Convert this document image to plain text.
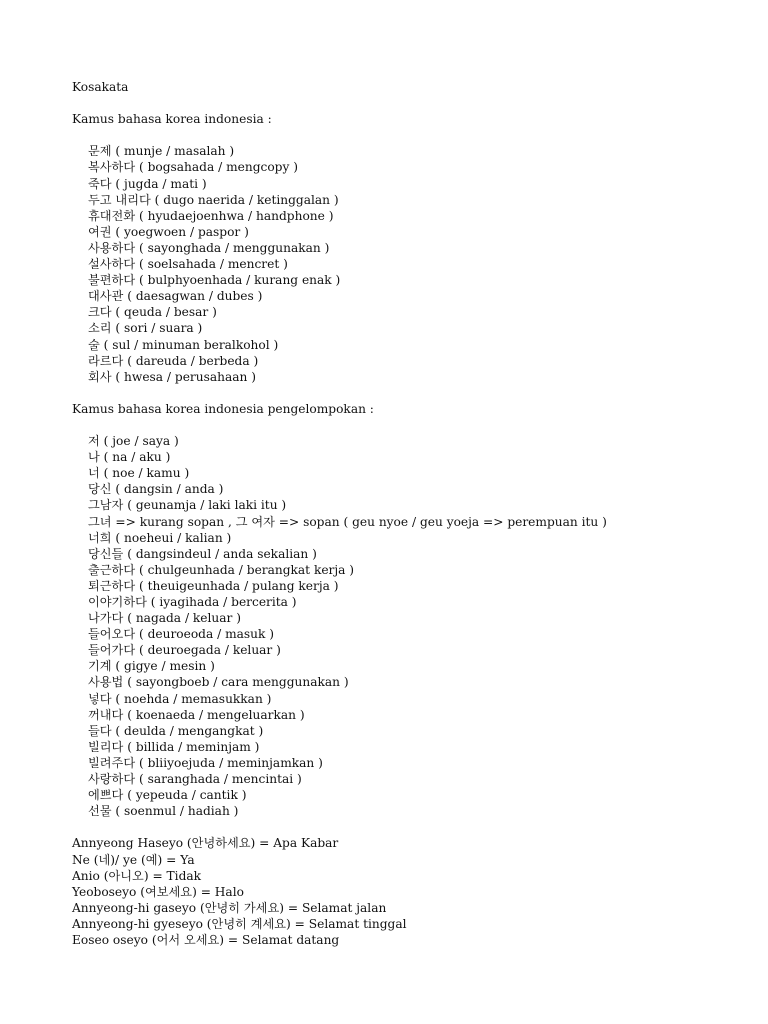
Kosakata
Kamus bahasa korea indonesia :
문제 ( munje / masalah )
복사하다 ( bogsahada / mengcopy )
죽다 ( jugda / mati )
두고 내리다 ( dugo naerida / ketinggalan )
휴대전화 ( hyudaejoenhwa / handphone )
여권 ( yoegwoen / paspor )
사용하다 ( sayonghada / menggunakan )
설사하다 ( soelsahada / mencret )
불편하다 ( bulphyoenhada / kurang enak )
대사관 ( daesagwan / dubes )
크다 ( qeuda / besar )
소리 ( sori / suara )
술 ( sul / minuman beralkohol )
라르다 ( dareuda / berbeda )
회사 ( hwesa / perusahaan )
Kamus bahasa korea indonesia pengelompokan :
저 ( joe / saya )
나 ( na / aku )
너 ( noe / kamu )
당신 ( dangsin / anda )
그남자 ( geunamja / laki laki itu )
그녀 => kurang sopan , 그 여자 => sopan ( geu nyoe / geu yoeja => perempuan itu )
너희 ( noeheui / kalian )
당신들 ( dangsindeul / anda sekalian )
출근하다 ( chulgeunhada / berangkat kerja )
퇴근하다 ( theuigeunhada / pulang kerja )
이야기하다 ( iyagihada / bercerita )
나가다 ( nagada / keluar )
들어오다 ( deuroeoda / masuk )
들어가다 ( deuroegada / keluar )
기계 ( gigye / mesin )
사용법 ( sayongboeb / cara menggunakan )
넣다 ( noehda / memasukkan )
꺼내다 ( koenaeda / mengeluarkan )
들다 ( deulda / mengangkat )
빌리다 ( billida / meminjam )
빌려주다 ( bliiyoejuda / meminjamkan )
사랑하다 ( saranghada / mencintai )
에쁘다 ( yepeuda / cantik )
선물 ( soenmul / hadiah )
Annyeong Haseyo (안녕하세요) = Apa Kabar
Ne (네)/ ye (예) = Ya
Anio (아니오) = Tidak
Yeoboseyo (여보세요) = Halo
Annyeong-hi gaseyo (안녕히 가세요) = Selamat jalan
Annyeong-hi gyeseyo (안녕히 계세요) = Selamat tinggal
Eoseo oseyo (어서 오세요) = Selamat datang
